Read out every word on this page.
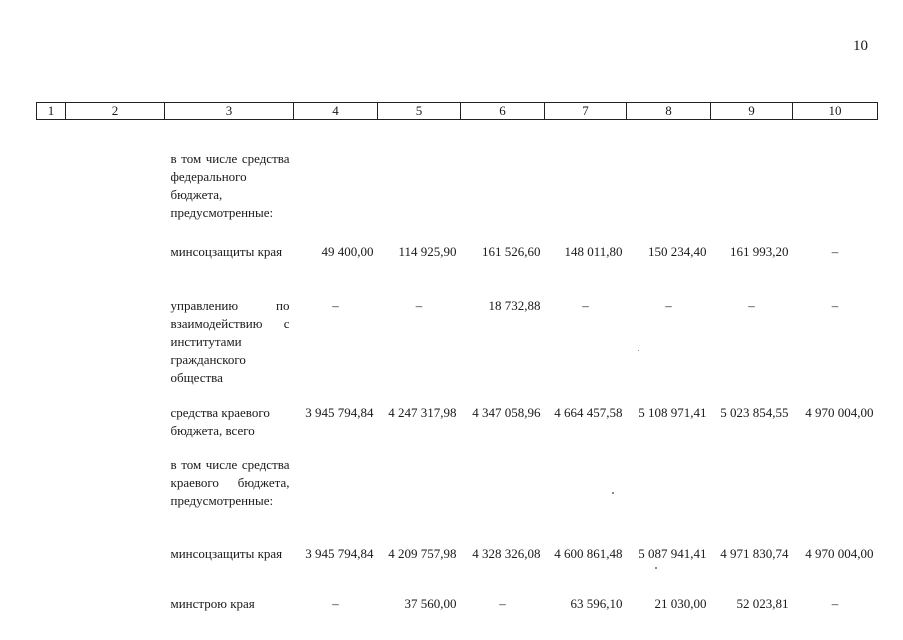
10
1	2	3	4	5	6	7	8	9	10
		в том числе средства федерального бюджета, предусмотренные:							
		минсоцзащиты края	49 400,00	114 925,90	161 526,60	148 011,80	150 234,40	161 993,20	–
		управлению по взаимодействию с институтами гражданского общества	–	–	18 732,88	–	–	–	–
		средства краевого бюджета, всего	3 945 794,84	4 247 317,98	4 347 058,96	4 664 457,58	5 108 971,41	5 023 854,55	4 970 004,00
		в том числе средства краевого бюджета, предусмотренные:							
		минсоцзащиты края	3 945 794,84	4 209 757,98	4 328 326,08	4 600 861,48	5 087 941,41	4 971 830,74	4 970 004,00
		минстрою края	–	37 560,00	–	63 596,10	21 030,00	52 023,81	–
